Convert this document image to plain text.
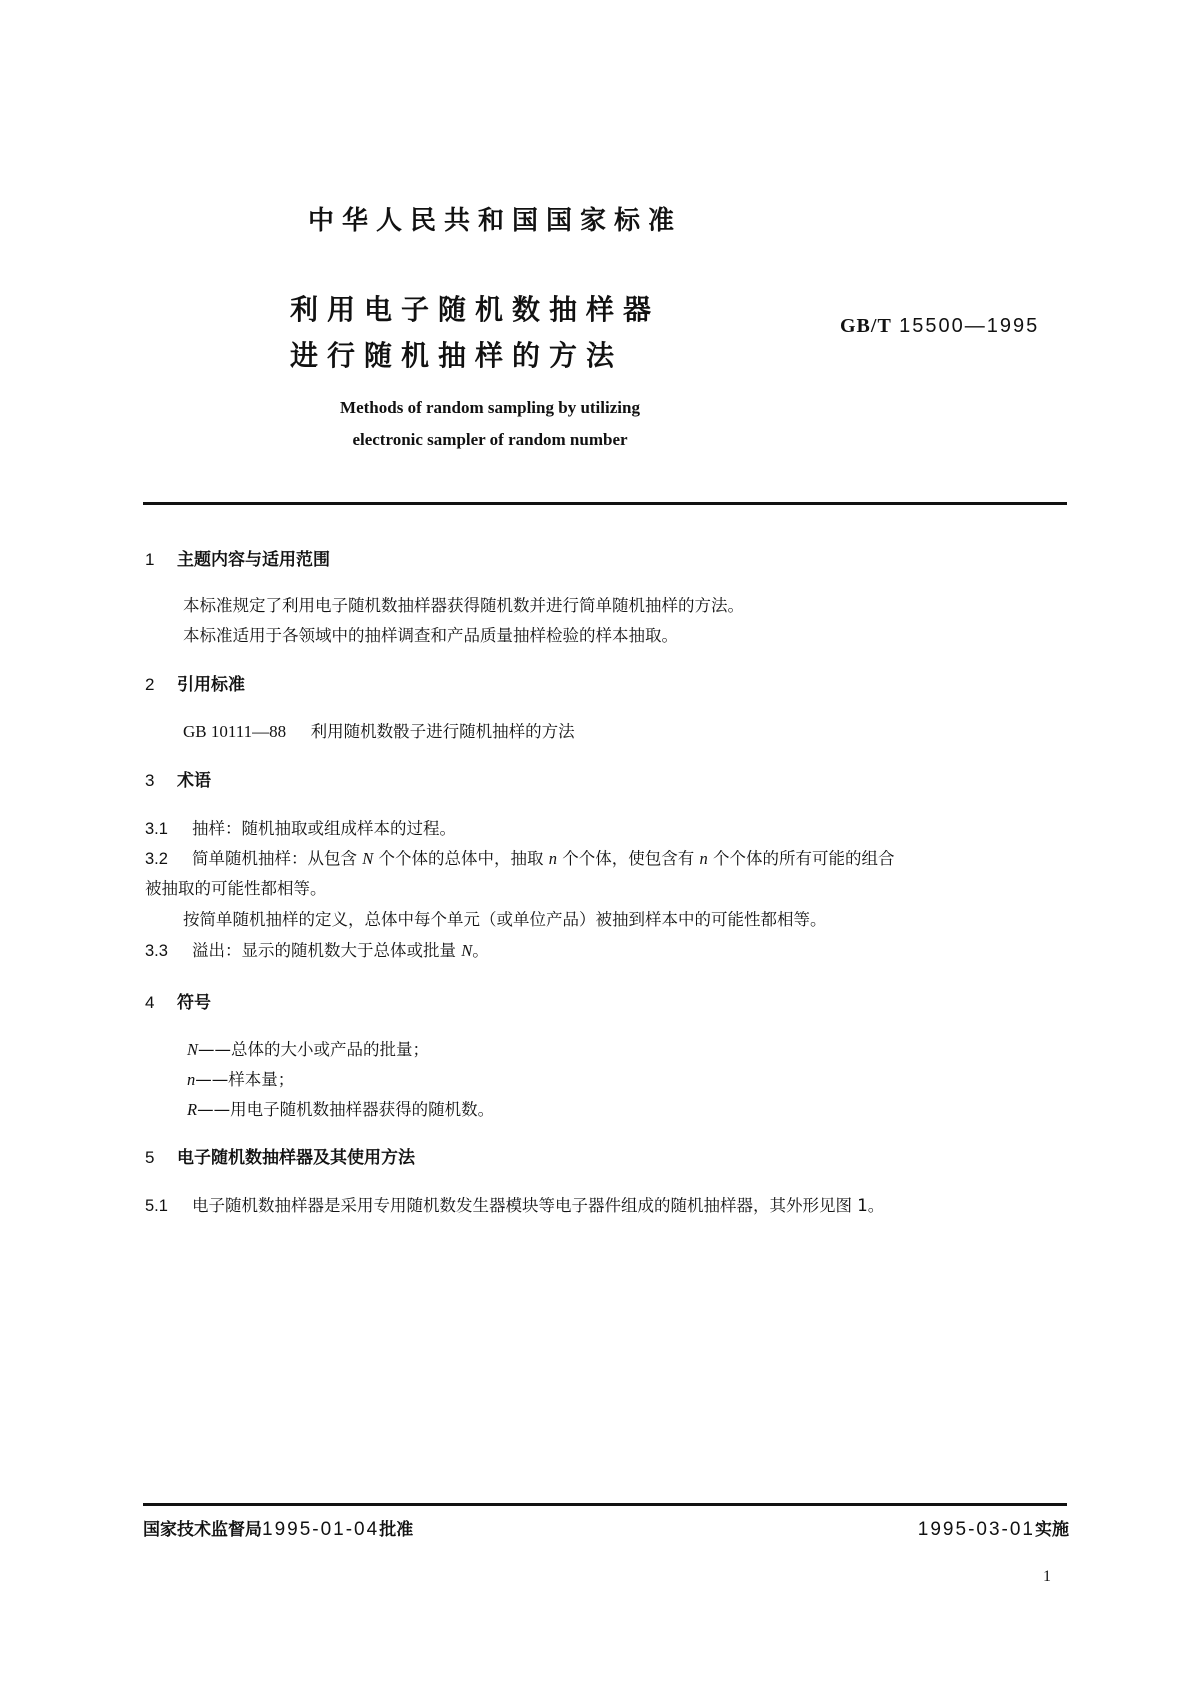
中华人民共和国国家标准
利用电子随机数抽样器
进行随机抽样的方法
GB/T 15500—1995
Methods of random sampling by utilizing
electronic sampler of random number
1 主题内容与适用范围
本标准规定了利用电子随机数抽样器获得随机数并进行简单随机抽样的方法。
本标准适用于各领域中的抽样调查和产品质量抽样检验的样本抽取。
2 引用标准
GB 10111—88 利用随机数骰子进行随机抽样的方法
3 术语
3.1 抽样：随机抽取或组成样本的过程。
3.2 简单随机抽样：从包含 N 个个体的总体中，抽取 n 个个体，使包含有 n 个个体的所有可能的组合
被抽取的可能性都相等。
按简单随机抽样的定义，总体中每个单元（或单位产品）被抽到样本中的可能性都相等。
3.3 溢出：显示的随机数大于总体或批量 N。
4 符号
N——总体的大小或产品的批量；
n——样本量；
R——用电子随机数抽样器获得的随机数。
5 电子随机数抽样器及其使用方法
5.1 电子随机数抽样器是采用专用随机数发生器模块等电子器件组成的随机抽样器，其外形见图 1。
国家技术监督局1995-01-04批准	1995-03-01实施
1
